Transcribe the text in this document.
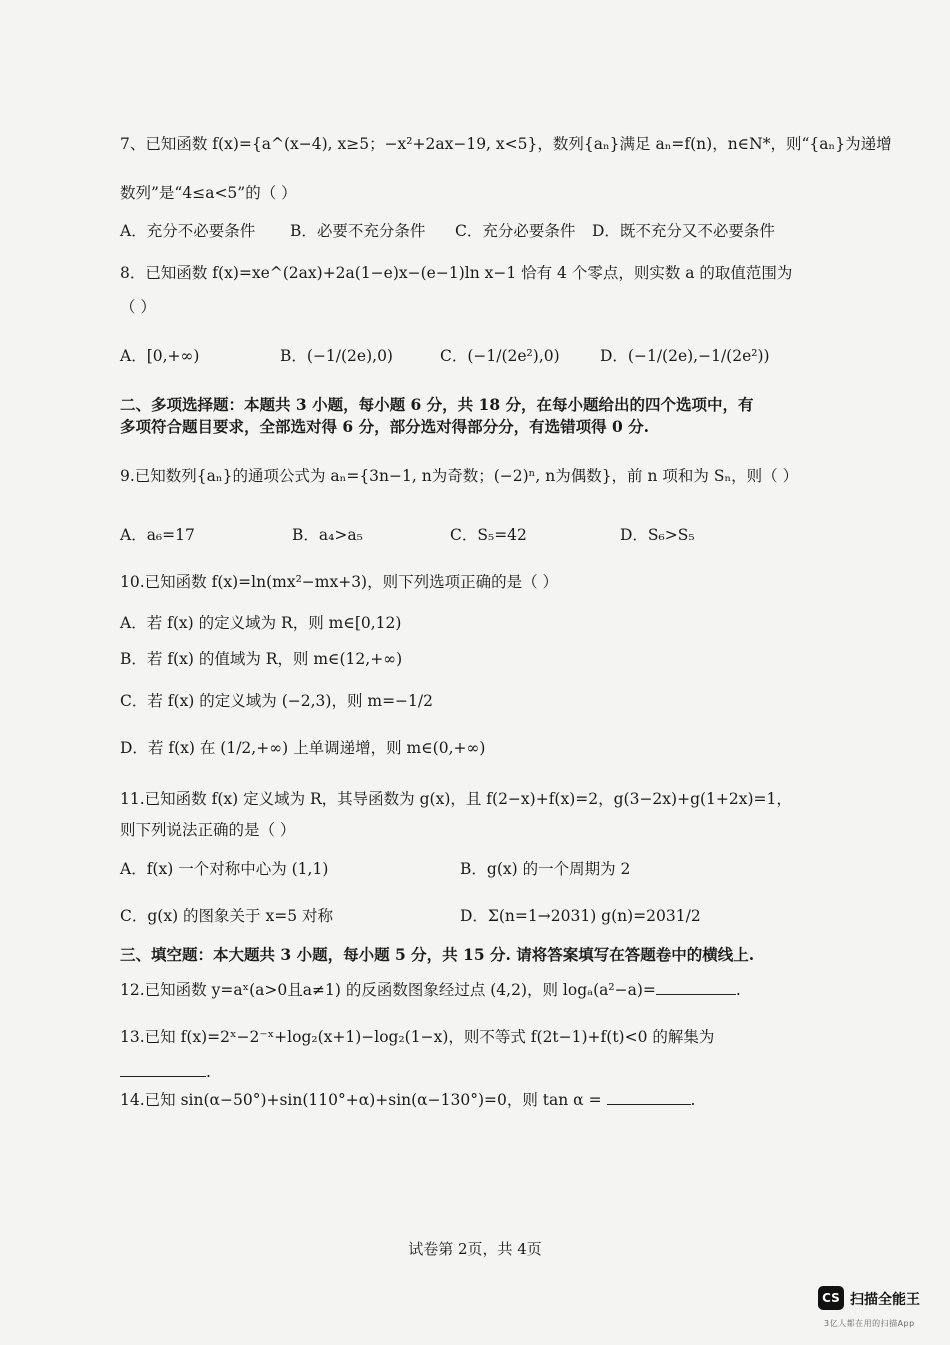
7、已知函数 f(x)={a^(x−4), x≥5；−x²+2ax−19, x<5}，数列{aₙ}满足 aₙ=f(n)，n∈N*，则“{aₙ}为递增
数列”是“4≤a<5”的（ ）
A．充分不必要条件 B．必要不充分条件 C．充分必要条件 D．既不充分又不必要条件
8．已知函数 f(x)=xe^(2ax)+2a(1−e)x−(e−1)ln x−1 恰有 4 个零点，则实数 a 的取值范围为
（ ）
A．[0,+∞)	B．(−1/(2e),0)	C．(−1/(2e²),0)	D．(−1/(2e),−1/(2e²))
二、多项选择题：本题共 3 小题，每小题 6 分，共 18 分，在每小题给出的四个选项中，有
多项符合题目要求，全部选对得 6 分，部分选对得部分分，有选错项得 0 分.
9.已知数列{aₙ}的通项公式为 aₙ={3n−1, n为奇数；(−2)ⁿ, n为偶数}，前 n 项和为 Sₙ，则（ ）
A．a₆=17	B．a₄>a₅	C．S₅=42	D．S₆>S₅
10.已知函数 f(x)=ln(mx²−mx+3)，则下列选项正确的是（ ）
A．若 f(x) 的定义域为 R，则 m∈[0,12)
B．若 f(x) 的值域为 R，则 m∈(12,+∞)
C．若 f(x) 的定义域为 (−2,3)，则 m=−1/2
D．若 f(x) 在 (1/2,+∞) 上单调递增，则 m∈(0,+∞)
11.已知函数 f(x) 定义域为 R，其导函数为 g(x)，且 f(2−x)+f(x)=2，g(3−2x)+g(1+2x)=1，
则下列说法正确的是（ ）
A．f(x) 一个对称中心为 (1,1)	B．g(x) 的一个周期为 2
C．g(x) 的图象关于 x=5 对称	D．Σ(n=1→2031) g(n)=2031/2
三、填空题：本大题共 3 小题，每小题 5 分，共 15 分. 请将答案填写在答题卷中的横线上.
12.已知函数 y=aˣ(a>0且a≠1) 的反函数图象经过点 (4,2)，则 logₐ(a²−a)=	.
13.已知 f(x)=2ˣ−2⁻ˣ+log₂(x+1)−log₂(1−x)，则不等式 f(2t−1)+f(t)<0 的解集为
.
14.已知 sin(α−50°)+sin(110°+α)+sin(α−130°)=0，则 tan α =	.
试卷第 2页，共 4页
CS 扫描全能王
3亿人都在用的扫描App
